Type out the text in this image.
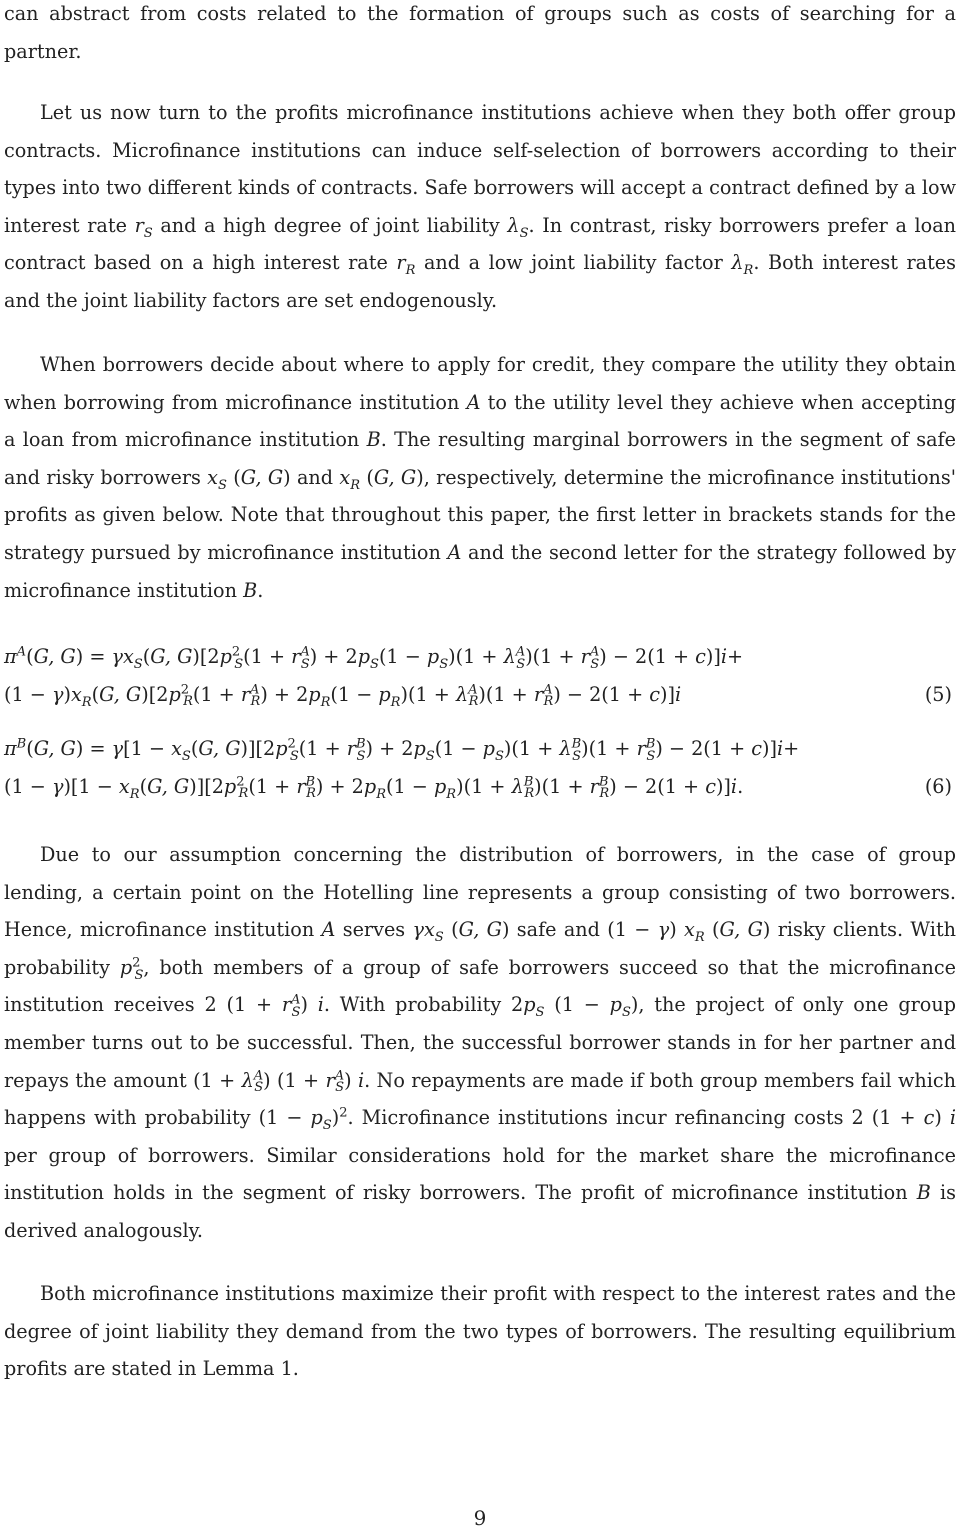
can abstract from costs related to the formation of groups such as costs of searching for a partner.

Let us now turn to the profits microfinance institutions achieve when they both offer group contracts. Microfinance institutions can induce self-selection of borrowers according to their types into two different kinds of contracts. Safe borrowers will accept a contract defined by a low interest rate $r_S$ and a high degree of joint liability $\lambda_S$. In contrast, risky borrowers prefer a loan contract based on a high interest rate $r_R$ and a low joint liability factor $\lambda_R$. Both interest rates and the joint liability factors are set endogenously.

When borrowers decide about where to apply for credit, they compare the utility they obtain when borrowing from microfinance institution A to the utility level they achieve when accepting a loan from microfinance institution B. The resulting marginal borrowers in the segment of safe and risky borrowers $x_S$ (G, G) and $x_R$ (G, G), respectively, determine the microfinance institutions' profits as given below. Note that throughout this paper, the first letter in brackets stands for the strategy pursued by microfinance institution A and the second letter for the strategy followed by microfinance institution B.

$\pi^A(G$, $G) = \gamma x_S(G$, $G)[2p^2_S(1 + r^A_S) + 2p_S(1 - p_S)(1 + \lambda^A_S)(1 + r^A_S) - 2(1 + c)]i+$
$(1 - \gamma)x_R(G$, $G)[2p^2_R(1 + r^A_R) + 2p_R(1 - p_R)(1 + \lambda^A_R)(1 + r^A_R) - 2(1 + c)]i$	(5)
$\pi^B(G$, $G) = \gamma[1 - x_S(G$, $G)][2p^2_S(1 + r^B_S) + 2p_S(1 - p_S)(1 + \lambda^B_S)(1 + r^B_S) - 2(1 + c)]i+$
$(1 - \gamma)[1 - x_R(G$, $G)][2p^2_R(1 + r^B_R) + 2p_R(1 - p_R)(1 + \lambda^B_R)(1 + r^B_R) - 2(1 + c)]i$.	(6)

Due to our assumption concerning the distribution of borrowers, in the case of group lending, a certain point on the Hotelling line represents a group consisting of two borrowers. Hence, microfinance institution A serves $\gamma x_S$ (G, G) safe and (1 − γ) $x_R$ (G, G) risky clients. With probability $p^2_S$, both members of a group of safe borrowers succeed so that the microfinance institution receives 2 $(1 + r^A_S)$ i. With probability $2p_S$ $(1 - p_S)$, the project of only one group member turns out to be successful. Then, the successful borrower stands in for her partner and repays the amount $(1 + \lambda^A_S)$ $(1 + r^A_S)$ i. No repayments are made if both group members fail which happens with probability $(1 - p_S)^2$. Microfinance institutions incur refinancing costs 2 (1 + c) i per group of borrowers. Similar considerations hold for the market share the microfinance institution holds in the segment of risky borrowers. The profit of microfinance institution B is derived analogously.

Both microfinance institutions maximize their profit with respect to the interest rates and the degree of joint liability they demand from the two types of borrowers. The resulting equilibrium profits are stated in Lemma 1.

9
